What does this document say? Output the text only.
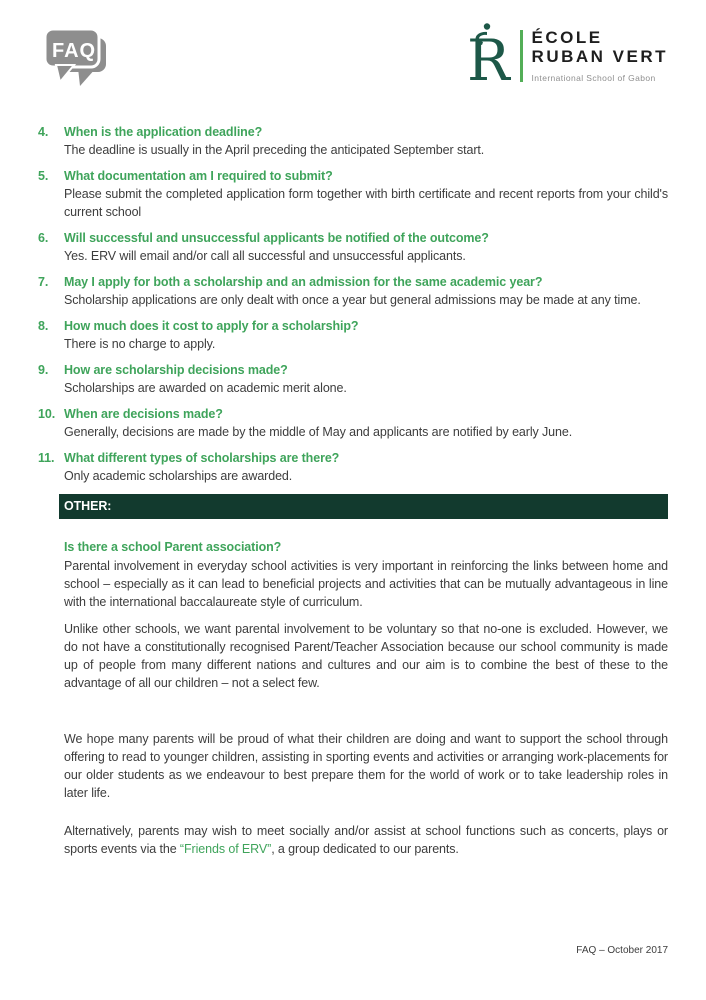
FAQ	R ÉCOLE
RUBAN VERT
International School of Gabon
4.	When is the application deadline?
The deadline is usually in the April preceding the anticipated September start.
5.	What documentation am I required to submit?
Please submit the completed application form together with birth certificate and recent reports from your child's current school
6.	Will successful and unsuccessful applicants be notified of the outcome?
Yes. ERV will email and/or call all successful and unsuccessful applicants.
7.	May I apply for both a scholarship and an admission for the same academic year?
Scholarship applications are only dealt with once a year but general admissions may be made at any time.
8.	How much does it cost to apply for a scholarship?
There is no charge to apply.
9.	How are scholarship decisions made?
Scholarships are awarded on academic merit alone.
10. When are decisions made?
Generally, decisions are made by the middle of May and applicants are notified by early June.
11. What different types of scholarships are there?
Only academic scholarships are awarded.
OTHER:
Is there a school Parent association?
Parental involvement in everyday school activities is very important in reinforcing the links between home and school – especially as it can lead to beneficial projects and activities that can be mutually advantageous in line with the international baccalaureate style of curriculum.
Unlike other schools, we want parental involvement to be voluntary so that no-one is excluded. However, we do not have a constitutionally recognised Parent/Teacher Association because our school community is made up of people from many different nations and cultures and our aim is to combine the best of these to the advantage of all our children – not a select few.
We hope many parents will be proud of what their children are doing and want to support the school through offering to read to younger children, assisting in sporting events and activities or arranging work-placements for our older students as we endeavour to best prepare them for the world of work or to take leadership roles in later life.
Alternatively, parents may wish to meet socially and/or assist at school functions such as concerts, plays or sports events via the “Friends of ERV”, a group dedicated to our parents.
FAQ – October 2017
